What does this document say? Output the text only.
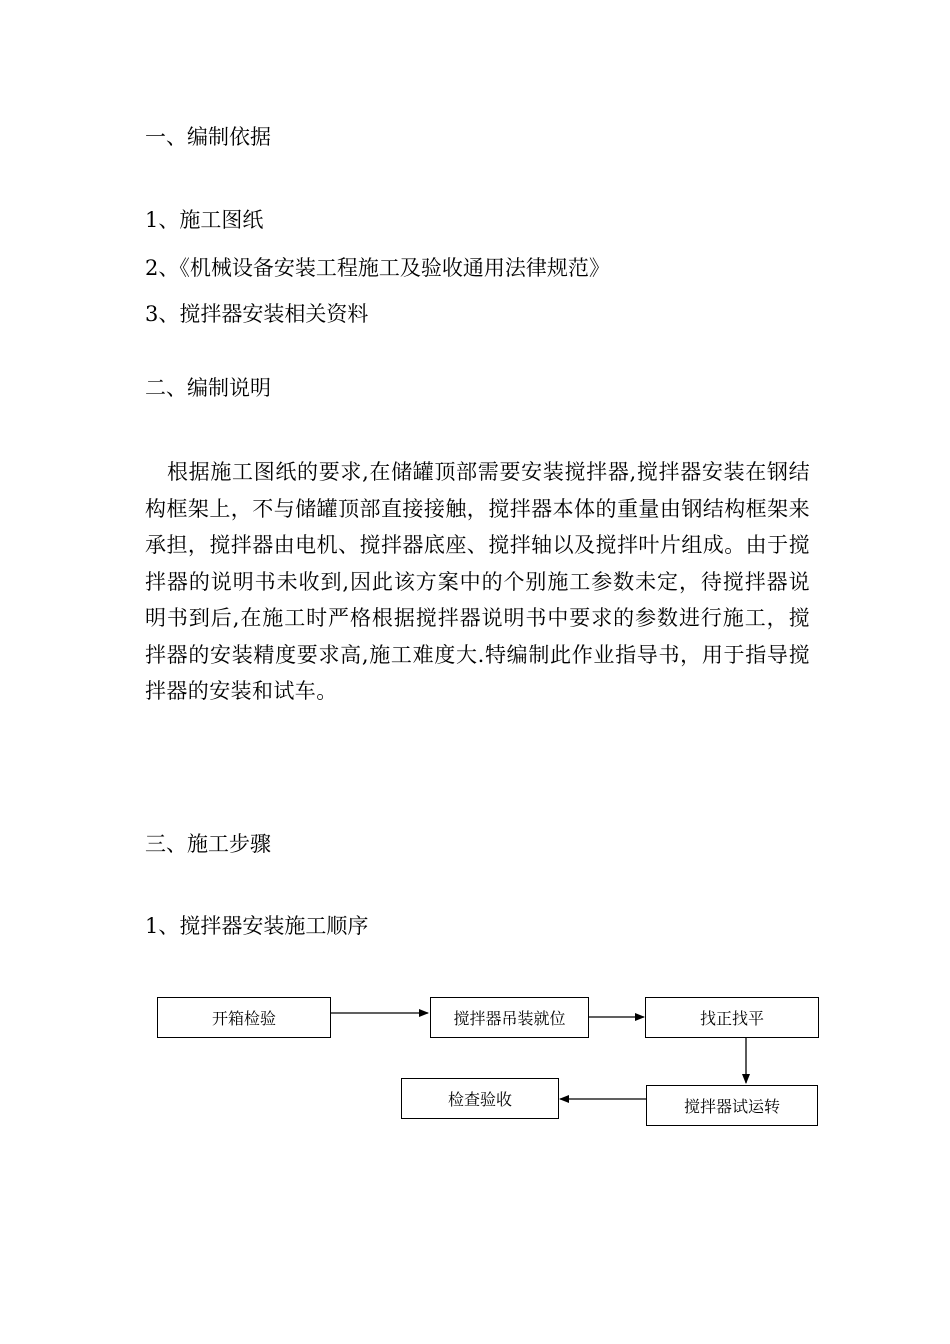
一、编制依据
1、施工图纸
2、《机械设备安装工程施工及验收通用法律规范》
3、搅拌器安装相关资料
二、编制说明
根据施工图纸的要求,在储罐顶部需要安装搅拌器,搅拌器安装在钢结构框架上，不与储罐顶部直接接触，搅拌器本体的重量由钢结构框架来承担，搅拌器由电机、搅拌器底座、搅拌轴以及搅拌叶片组成。由于搅拌器的说明书未收到,因此该方案中的个别施工参数未定，待搅拌器说明书到后,在施工时严格根据搅拌器说明书中要求的参数进行施工，搅拌器的安装精度要求高,施工难度大.特编制此作业指导书，用于指导搅拌器的安装和试车。
三、施工步骤
1、搅拌器安装施工顺序
开箱检验	搅拌器吊装就位	找正找平
搅拌器试运转
检查验收
